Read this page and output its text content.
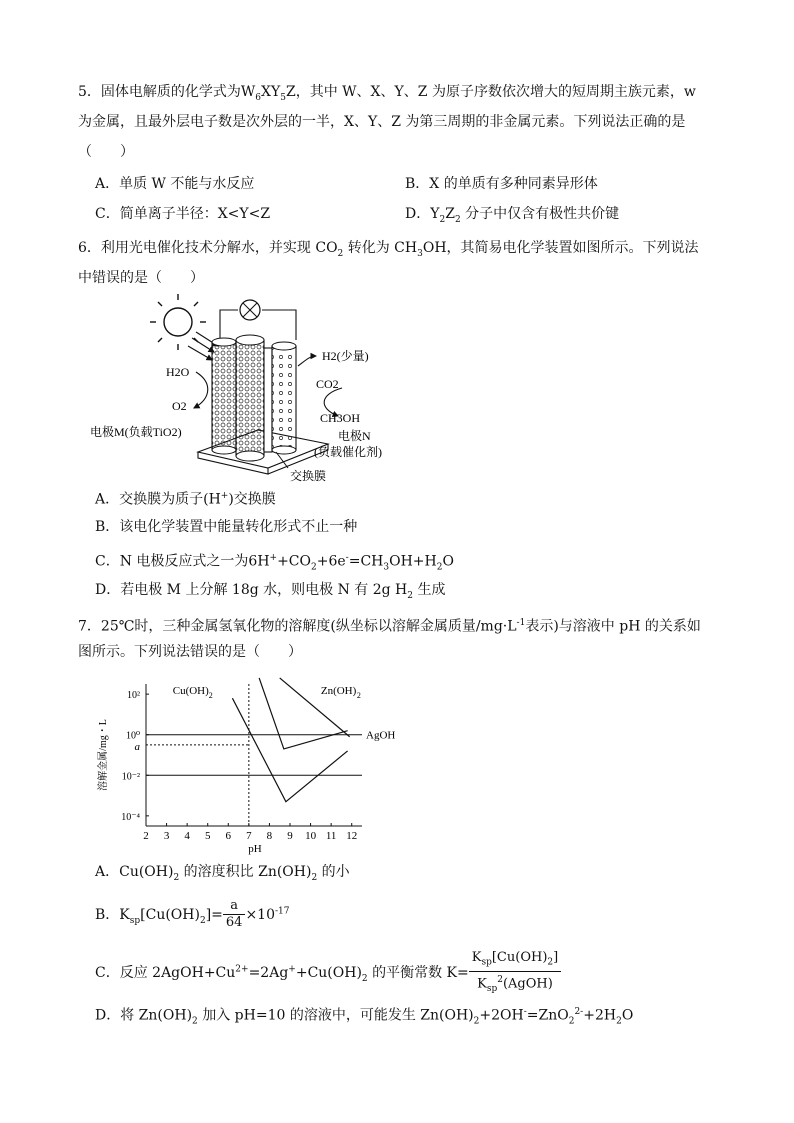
5．固体电解质的化学式为$W_6XY_5Z$，其中 W、X、Y、Z 为原子序数依次增大的短周期主族元素，w
为金属，且最外层电子数是次外层的一半，X、Y、Z 为第三周期的非金属元素。下列说法正确的是
（　　）
A．单质 W 不能与水反应	B．X 的单质有多种同素异形体
C．简单离子半径：X<Y<Z	D．$Y_2Z_2$ 分子中仅含有极性共价键
6．利用光电催化技术分解水，并实现 $CO_2$ 转化为 $CH_3OH$，其简易电化学装置如图所示。下列说法
中错误的是（　　）
H2O
O2
电极M(负载TiO2)
H2(少量)
CO2
CH3OH
电极N
(负载催化剂)
交换膜
A．交换膜为质子(H+)交换膜
B．该电化学装置中能量转化形式不止一种
C．N 电极反应式之一为$6H^++CO_2+6e^-=CH_3OH+H_2O$
D．若电极 M 上分解 18g 水，则电极 N 有 2g $H_2$ 生成
7．25℃时，三种金属氢氧化物的溶解度(纵坐标以溶解金属质量$/mg\cdot L^{-1}$表示)与溶液中 pH 的关系如
图所示。下列说法错误的是（　　）
2 3 4 5 6 7 8 9 10 11 12
pH
10²
10⁰
10⁻²
10⁻⁴
溶解金属/mg・L a
Cu(OH) 2	Zn(OH) 2
AgOH
A．$Cu(OH)_2$ 的溶度积比 $Zn(OH)_2$ 的小
B．$K_{sp}[Cu(OH)_2]= \frac{a}{64} \times 10^{-17}$
C．反应 $2AgOH+Cu^{2+}=2Ag^++Cu(OH)_2$ 的平衡常数 $K= \frac{K_{sp}[Cu(OH)_2]}{K_{sp}^2(AgOH)}$
D．将 $Zn(OH)_2$ 加入 pH=10 的溶液中，可能发生 $Zn(OH)_2+2OH^-=ZnO_2^{2-}+2H_2O$
